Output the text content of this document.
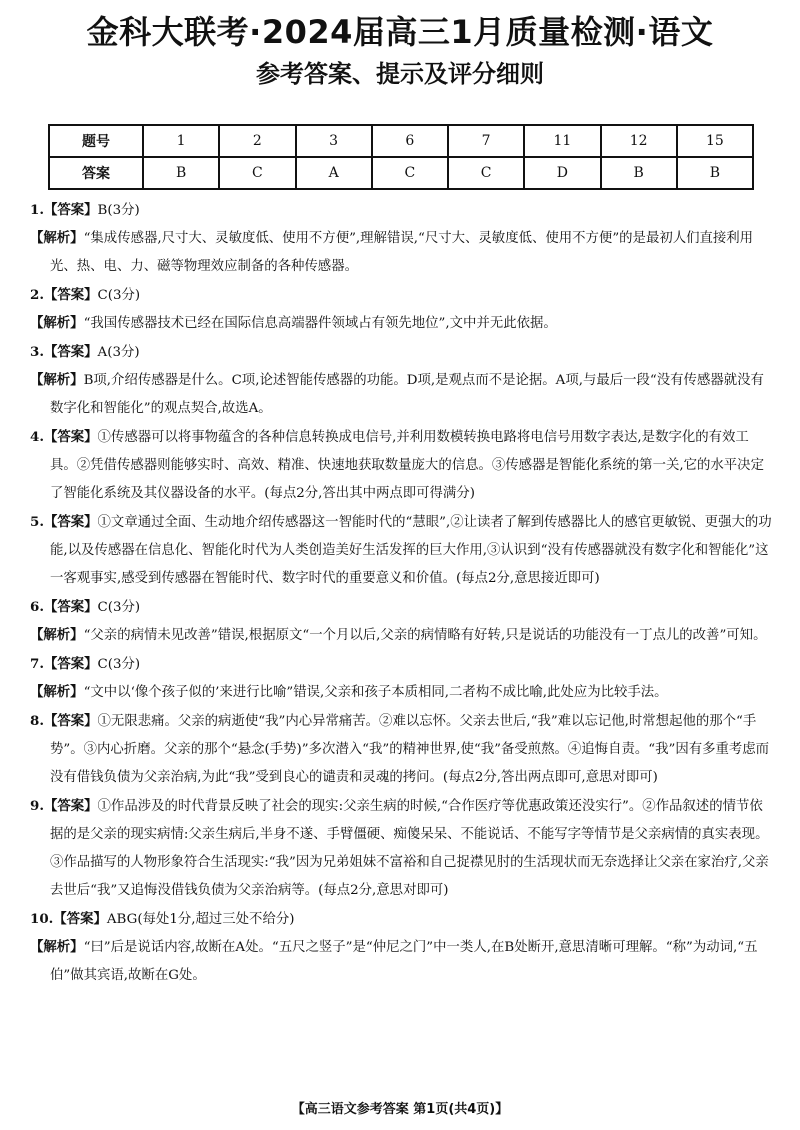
金科大联考·2024届高三1月质量检测·语文
参考答案、提示及评分细则
题号	1	2	3	6	7	11	12	15
答案	B	C	A	C	C	D	B	B

1.【答案】B(3分)

【解析】“集成传感器,尺寸大、灵敏度低、使用不方便”,理解错误,“尺寸大、灵敏度低、使用不方便”的是最初人们直接利用光、热、电、力、磁等物理效应制备的各种传感器。

2.【答案】C(3分)

【解析】“我国传感器技术已经在国际信息高端器件领域占有领先地位”,文中并无此依据。

3.【答案】A(3分)

【解析】B项,介绍传感器是什么。C项,论述智能传感器的功能。D项,是观点而不是论据。A项,与最后一段“没有传感器就没有数字化和智能化”的观点契合,故选A。

4.【答案】①传感器可以将事物蕴含的各种信息转换成电信号,并利用数模转换电路将电信号用数字表达,是数字化的有效工具。②凭借传感器则能够实时、高效、精准、快速地获取数量庞大的信息。③传感器是智能化系统的第一关,它的水平决定了智能化系统及其仪器设备的水平。(每点2分,答出其中两点即可得满分)

5.【答案】①文章通过全面、生动地介绍传感器这一智能时代的“慧眼”,②让读者了解到传感器比人的感官更敏锐、更强大的功能,以及传感器在信息化、智能化时代为人类创造美好生活发挥的巨大作用,③认识到“没有传感器就没有数字化和智能化”这一客观事实,感受到传感器在智能时代、数字时代的重要意义和价值。(每点2分,意思接近即可)

6.【答案】C(3分)

【解析】“父亲的病情未见改善”错误,根据原文“一个月以后,父亲的病情略有好转,只是说话的功能没有一丁点儿的改善”可知。

7.【答案】C(3分)

【解析】“文中以‘像个孩子似的’来进行比喻”错误,父亲和孩子本质相同,二者构不成比喻,此处应为比较手法。

8.【答案】①无限悲痛。父亲的病逝使“我”内心异常痛苦。②难以忘怀。父亲去世后,“我”难以忘记他,时常想起他的那个“手势”。③内心折磨。父亲的那个“悬念(手势)”多次潜入“我”的精神世界,使“我”备受煎熬。④追悔自责。“我”因有多重考虑而没有借钱负债为父亲治病,为此“我”受到良心的谴责和灵魂的拷问。(每点2分,答出两点即可,意思对即可)

9.【答案】①作品涉及的时代背景反映了社会的现实:父亲生病的时候,“合作医疗等优惠政策还没实行”。②作品叙述的情节依据的是父亲的现实病情:父亲生病后,半身不遂、手臂僵硬、痴傻呆呆、不能说话、不能写字等情节是父亲病情的真实表现。③作品描写的人物形象符合生活现实:“我”因为兄弟姐妹不富裕和自己捉襟见肘的生活现状而无奈选择让父亲在家治疗,父亲去世后“我”又追悔没借钱负债为父亲治病等。(每点2分,意思对即可)

10.【答案】ABG(每处1分,超过三处不给分)

【解析】“曰”后是说话内容,故断在A处。“五尺之竖子”是“仲尼之门”中一类人,在B处断开,意思清晰可理解。“称”为动词,“五伯”做其宾语,故断在G处。

【高三语文参考答案 第1页(共4页)】
